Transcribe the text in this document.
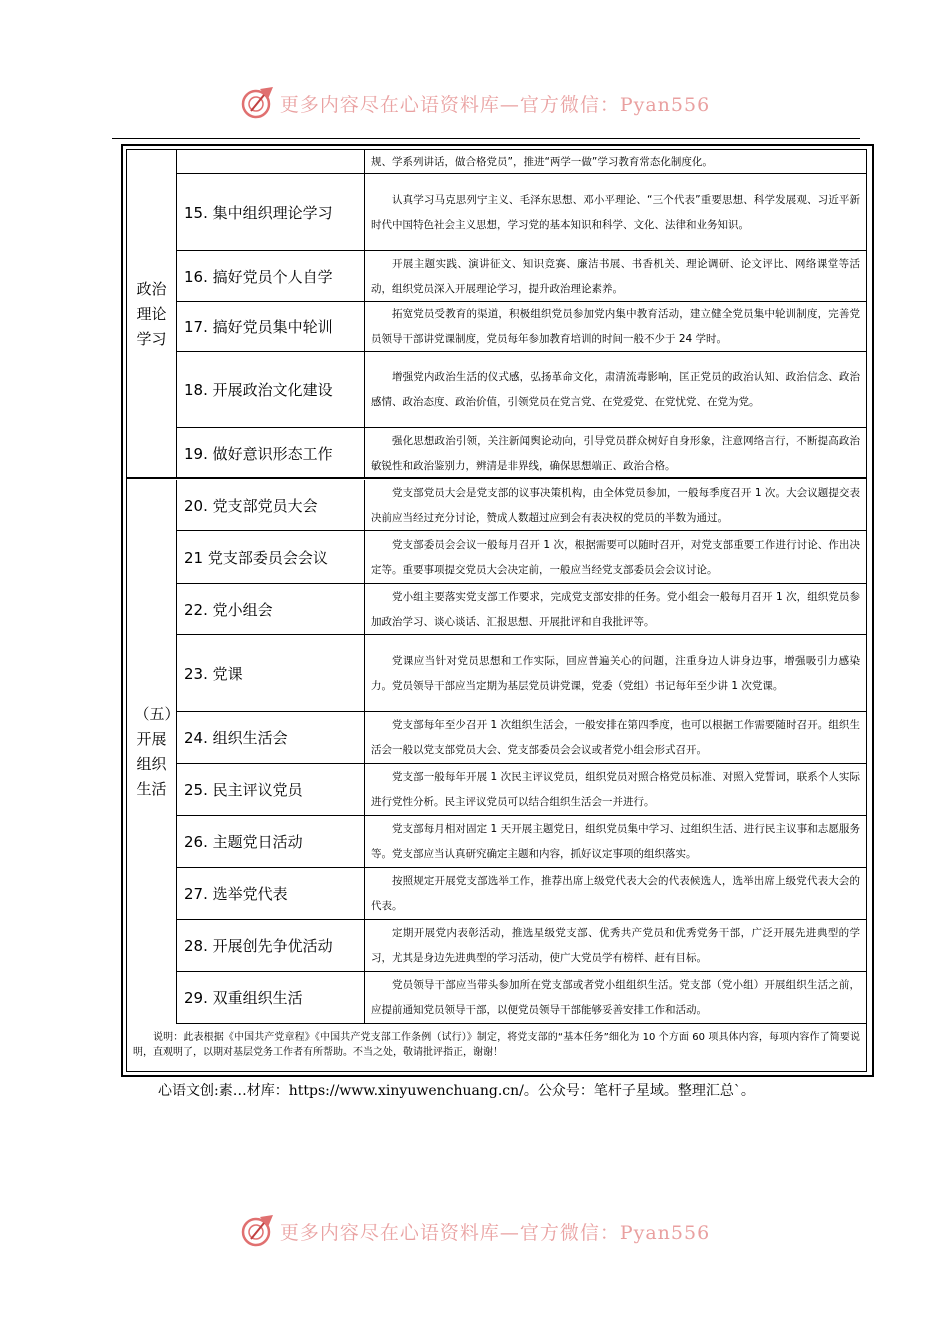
更多内容尽在心语资料库—官方微信：Pyan556
政治理论学习
（五）开展组织生活

规、学系列讲话，做合格党员”，推进“两学一做”学习教育常态化制度化。

15. 集中组织理论学习

认真学习马克思列宁主义、毛泽东思想、邓小平理论、“三个代表”重要思想、科学发展观、习近平新时代中国特色社会主义思想，学习党的基本知识和科学、文化、法律和业务知识。

16. 搞好党员个人自学

开展主题实践、演讲征文、知识竞赛、廉洁书展、书香机关、理论调研、论文评比、网络课堂等活动，组织党员深入开展理论学习，提升政治理论素养。

17. 搞好党员集中轮训

拓宽党员受教育的渠道，积极组织党员参加党内集中教育活动，建立健全党员集中轮训制度，完善党员领导干部讲党课制度，党员每年参加教育培训的时间一般不少于 24 学时。

18. 开展政治文化建设

增强党内政治生活的仪式感，弘扬革命文化，肃清流毒影响，匡正党员的政治认知、政治信念、政治感情、政治态度、政治价值，引领党员在党言党、在党爱党、在党忧党、在党为党。

19. 做好意识形态工作

强化思想政治引领，关注新闻舆论动向，引导党员群众树好自身形象，注意网络言行，不断提高政治敏锐性和政治鉴别力，辨清是非界线，确保思想端正、政治合格。

20. 党支部党员大会

党支部党员大会是党支部的议事决策机构，由全体党员参加，一般每季度召开 1 次。大会议题提交表决前应当经过充分讨论，赞成人数超过应到会有表决权的党员的半数为通过。

21 党支部委员会会议

党支部委员会会议一般每月召开 1 次，根据需要可以随时召开，对党支部重要工作进行讨论、作出决定等。重要事项提交党员大会决定前，一般应当经党支部委员会会议讨论。

22. 党小组会

党小组主要落实党支部工作要求，完成党支部安排的任务。党小组会一般每月召开 1 次，组织党员参加政治学习、谈心谈话、汇报思想、开展批评和自我批评等。

23. 党课

党课应当针对党员思想和工作实际，回应普遍关心的问题，注重身边人讲身边事，增强吸引力感染力。党员领导干部应当定期为基层党员讲党课，党委（党组）书记每年至少讲 1 次党课。

24. 组织生活会

党支部每年至少召开 1 次组织生活会，一般安排在第四季度，也可以根据工作需要随时召开。组织生活会一般以党支部党员大会、党支部委员会会议或者党小组会形式召开。

25. 民主评议党员

党支部一般每年开展 1 次民主评议党员，组织党员对照合格党员标准、对照入党誓词，联系个人实际进行党性分析。民主评议党员可以结合组织生活会一并进行。

26. 主题党日活动

党支部每月相对固定 1 天开展主题党日，组织党员集中学习、过组织生活、进行民主议事和志愿服务等。党支部应当认真研究确定主题和内容，抓好议定事项的组织落实。

27. 选举党代表

按照规定开展党支部选举工作，推荐出席上级党代表大会的代表候选人，选举出席上级党代表大会的代表。

28. 开展创先争优活动

定期开展党内表彰活动，推选星级党支部、优秀共产党员和优秀党务干部，广泛开展先进典型的学习，尤其是身边先进典型的学习活动，使广大党员学有榜样、赶有目标。

29. 双重组织生活

党员领导干部应当带头参加所在党支部或者党小组组织生活。党支部（党小组）开展组织生活之前，应提前通知党员领导干部，以便党员领导干部能够妥善安排工作和活动。

说明：此表根据《中国共产党章程》《中国共产党支部工作条例（试行）》制定，将党支部的“基本任务”细化为 10 个方面 60 项具体内容，每项内容作了简要说明，直观明了，以期对基层党务工作者有所帮助。不当之处，敬请批评指正，谢谢！
心语文创:素…材库：https://www.xinyuwenchuang.cn/。公众号：笔杆子星域。整理汇总`。
更多内容尽在心语资料库—官方微信：Pyan556
